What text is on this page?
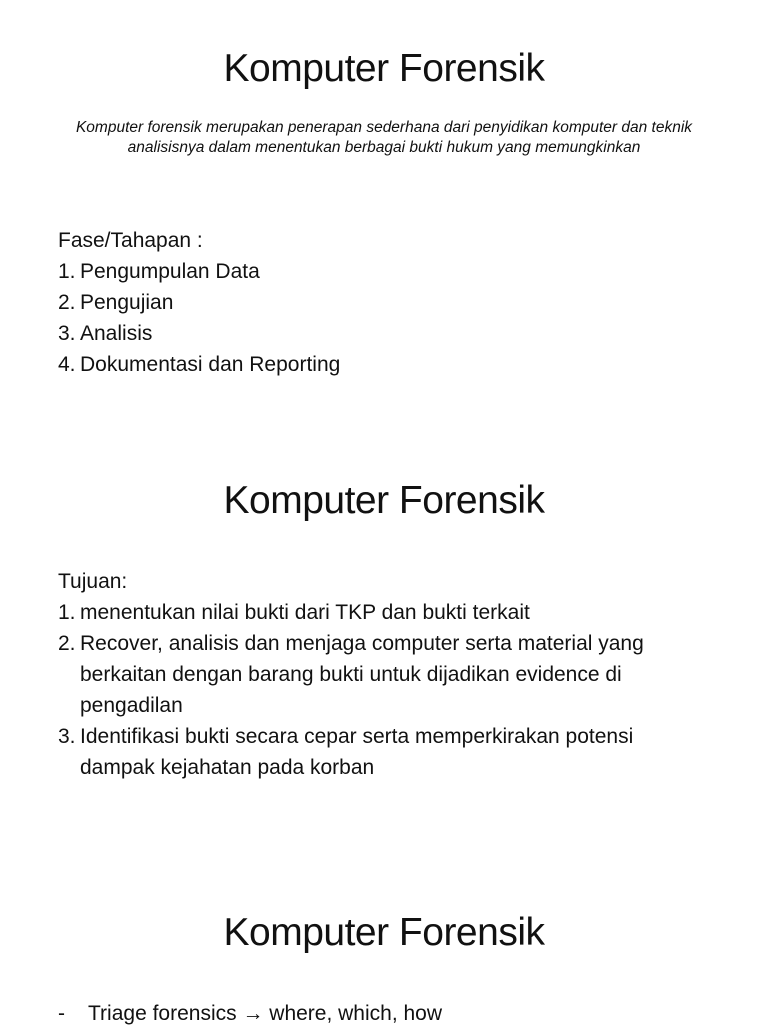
Komputer Forensik
Komputer forensik merupakan penerapan sederhana dari penyidikan komputer dan teknik analisisnya dalam menentukan berbagai bukti hukum yang memungkinkan
Fase/Tahapan :
1. Pengumpulan Data
2. Pengujian
3. Analisis
4. Dokumentasi dan Reporting
Komputer Forensik
Tujuan:
1. menentukan nilai bukti dari TKP dan bukti terkait
2. Recover, analisis dan menjaga computer serta material yang berkaitan dengan barang bukti untuk dijadikan evidence di pengadilan
3. Identifikasi bukti secara cepar serta memperkirakan potensi dampak kejahatan pada korban
Komputer Forensik
- Triage forensics → where, which, how
